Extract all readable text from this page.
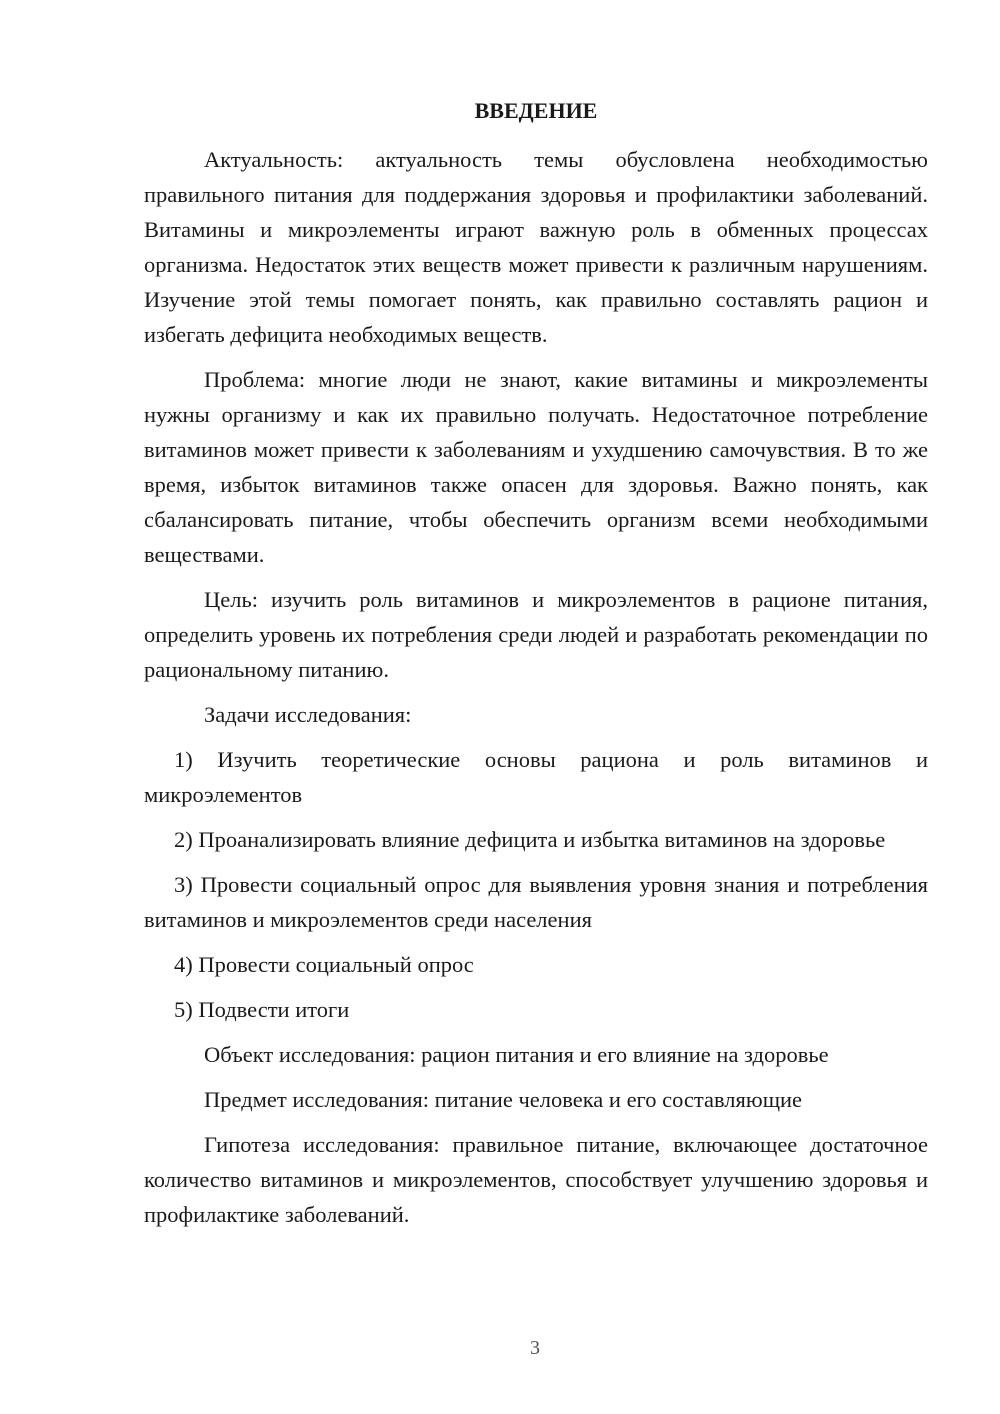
ВВЕДЕНИЕ

Актуальность: актуальность темы обусловлена необходимостью правильного питания для поддержания здоровья и профилактики заболеваний. Витамины и микроэлементы играют важную роль в обменных процессах организма. Недостаток этих веществ может привести к различным нарушениям. Изучение этой темы помогает понять, как правильно составлять рацион и избегать дефицита необходимых веществ.

Проблема: многие люди не знают, какие витамины и микроэлементы нужны организму и как их правильно получать. Недостаточное потребление витаминов может привести к заболеваниям и ухудшению самочувствия. В то же время, избыток витаминов также опасен для здоровья. Важно понять, как сбалансировать питание, чтобы обеспечить организм всеми необходимыми веществами.

Цель: изучить роль витаминов и микроэлементов в рационе питания, определить уровень их потребления среди людей и разработать рекомендации по рациональному питанию.

Задачи исследования:

1) Изучить теоретические основы рациона и роль витаминов и микроэлементов

2) Проанализировать влияние дефицита и избытка витаминов на здоровье

3) Провести социальный опрос для выявления уровня знания и потребления витаминов и микроэлементов среди населения

4) Провести социальный опрос

5) Подвести итоги

Объект исследования: рацион питания и его влияние на здоровье

Предмет исследования: питание человека и его составляющие

Гипотеза исследования: правильное питание, включающее достаточное количество витаминов и микроэлементов, способствует улучшению здоровья и профилактике заболеваний.

3
